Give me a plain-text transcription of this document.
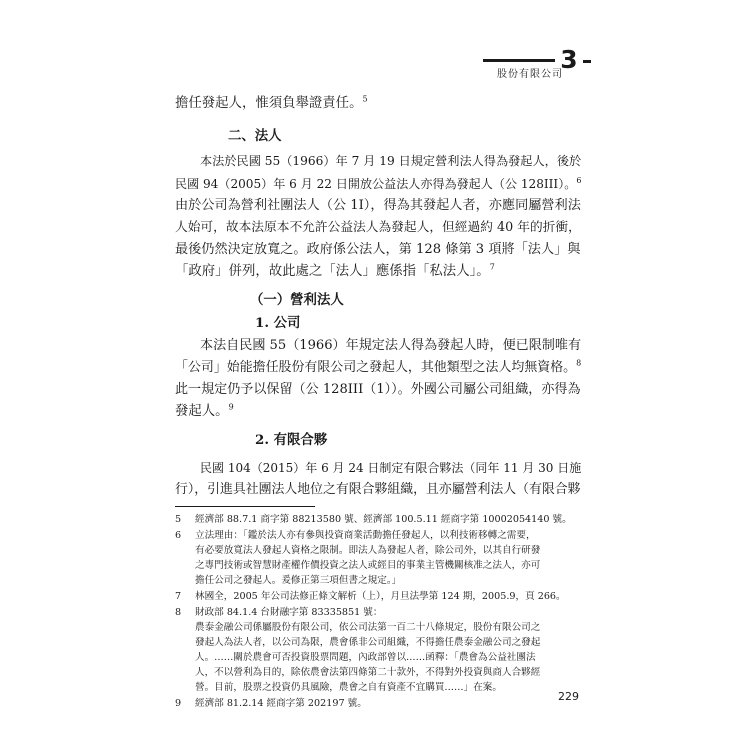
3
股份有限公司
擔任發起人，惟須負舉證責任。$^5$
二、法人
本法於民國 55（1966）年 7 月 19 日規定營利法人得為發起人，後於
民國 94（2005）年 6 月 22 日開放公益法人亦得為發起人（公 128III）。$^6$
由於公司為營利社團法人（公 1I），得為其發起人者，亦應同屬營利法
人始可，故本法原本不允許公益法人為發起人，但經過約 40 年的折衝，
最後仍然決定放寬之。政府係公法人，第 128 條第 3 項將「法人」與
「政府」併列，故此處之「法人」應係指「私法人」。$^7$
（一）營利法人
1. 公司
本法自民國 55（1966）年規定法人得為發起人時，便已限制唯有
「公司」始能擔任股份有限公司之發起人，其他類型之法人均無資格。$^8$
此一規定仍予以保留（公 128III（1））。外國公司屬公司組織，亦得為
發起人。$^9$
2. 有限合夥
民國 104（2015）年 6 月 24 日制定有限合夥法（同年 11 月 30 日施
行），引進具社團法人地位之有限合夥組織，且亦屬營利法人（有限合夥
5 經濟部 88.7.1 商字第 88213580 號、經濟部 100.5.11 經商字第 10002054140 號。
6 立法理由：「鑑於法人亦有參與投資商業活動擔任發起人，以利技術移轉之需要，
有必要放寬法人發起人資格之限制。即法人為發起人者，除公司外，以其自行研發
之專門技術或智慧財產權作價投資之法人或經目的事業主管機關核准之法人，亦可
擔任公司之發起人。爰修正第三項但書之規定。」
7 林國全，2005 年公司法修正條文解析（上），月旦法學第 124 期，2005.9，頁 266。
8 財政部 84.1.4 台財融字第 83335851 號：
農泰金融公司係屬股份有限公司，依公司法第一百二十八條規定，股份有限公司之
發起人為法人者，以公司為限，農會係非公司組織，不得擔任農泰金融公司之發起
人。……關於農會可否投資股票問題，內政部曾以……函釋：「農會為公益社團法
人，不以營利為目的，除依農會法第四條第二十款外，不得對外投資與商人合夥經
營。目前，股票之投資仍具風險，農會之自有資產不宜購買……」在案。
9 經濟部 81.2.14 經商字第 202197 號。
229
